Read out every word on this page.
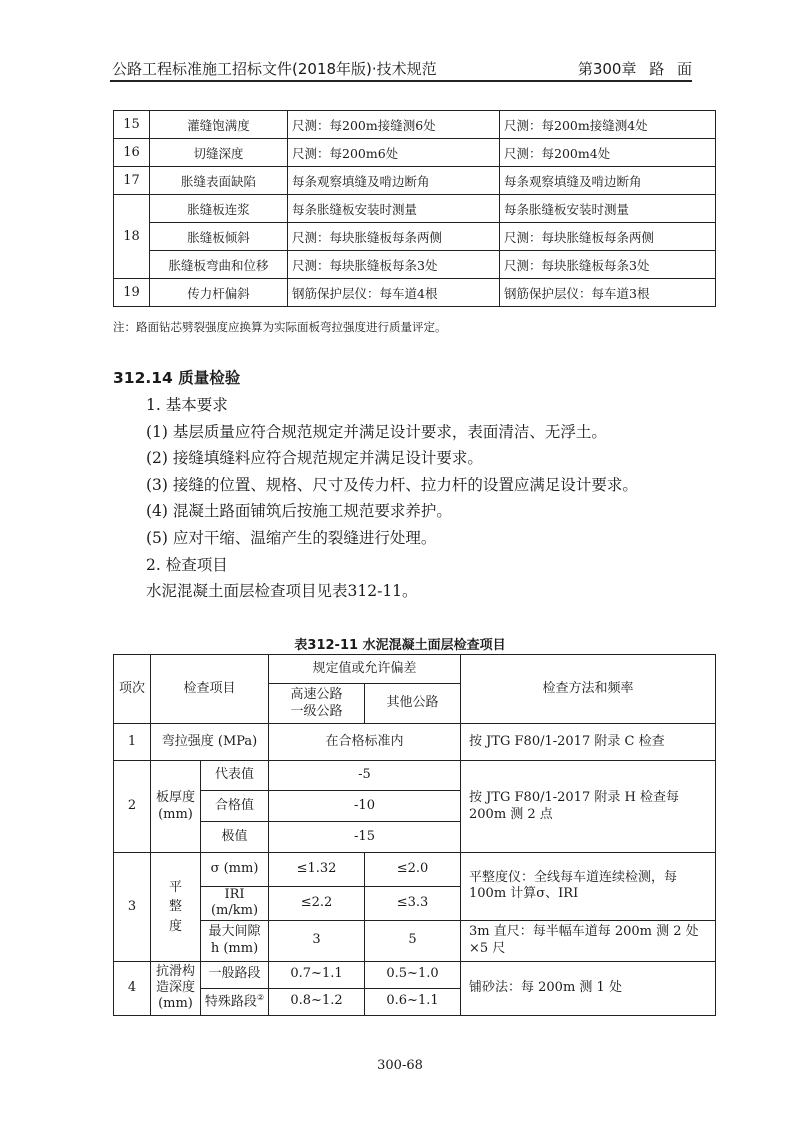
公路工程标准施工招标文件(2018年版)·技术规范	第300章 路 面
15	灌缝饱满度	尺测：每200m接缝测6处	尺测：每200m接缝测4处
16	切缝深度	尺测：每200m6处	尺测：每200m4处
17	胀缝表面缺陷	每条观察填缝及啃边断角	每条观察填缝及啃边断角
18	胀缝板连浆	每条胀缝板安装时测量	每条胀缝板安装时测量
	胀缝板倾斜	尺测：每块胀缝板每条两侧	尺测：每块胀缝板每条两侧
	胀缝板弯曲和位移	尺测：每块胀缝板每条3处	尺测：每块胀缝板每条3处
19	传力杆偏斜	钢筋保护层仪：每车道4根	钢筋保护层仪：每车道3根
注：路面钻芯劈裂强度应换算为实际面板弯拉强度进行质量评定。
312.14 质量检验
1. 基本要求
(1) 基层质量应符合规范规定并满足设计要求，表面清洁、无浮土。
(2) 接缝填缝料应符合规范规定并满足设计要求。
(3) 接缝的位置、规格、尺寸及传力杆、拉力杆的设置应满足设计要求。
(4) 混凝土路面铺筑后按施工规范要求养护。
(5) 应对干缩、温缩产生的裂缝进行处理。
2. 检查项目
水泥混凝土面层检查项目见表312-11。
表312-11 水泥混凝土面层检查项目
项次	检查项目		规定值或允许偏差		检查方法和频率
			高速公路一级公路	其他公路	
1	弯拉强度 (MPa)		在合格标准内		按 JTG F80/1-2017 附录 C 检查
2	板厚度(mm)	代表值	-5		按 JTG F80/1-2017 附录 H 检查每 200m 测 2 点
		合格值	-10		
		极值	-15		
3	平整度	σ (mm)	≤1.32	≤2.0	平整度仪：全线每车道连续检测，每 100m 计算σ、IRI
		IRI (m/km)	≤2.2	≤3.3	
		最大间隙h (mm)	3	5	3m 直尺：每半幅车道每 200m 测 2 处×5 尺
4	抗滑构造深度(mm)	一般路段	0.7~1.1	0.5~1.0	铺砂法：每 200m 测 1 处
		特殊路段②	0.8~1.2	0.6~1.1	
300-68
